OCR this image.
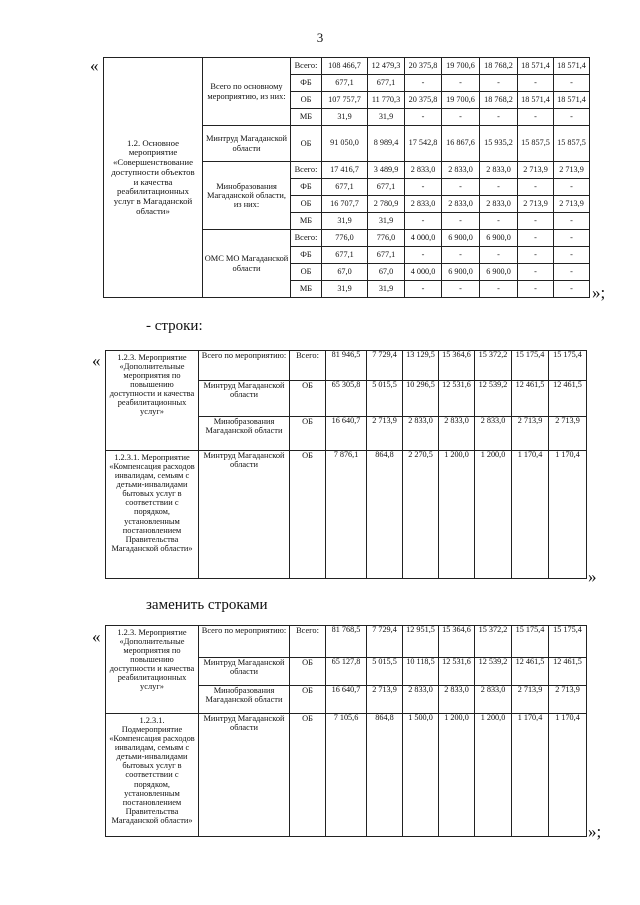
3
«
1.2. Основное мероприятие «Совершенствование доступности объектов и качества реабилитационных услуг в Магаданской области»	Всего по основному мероприятию, из них:	Всего:	108 466,7	12 479,3	20 375,8	19 700,6	18 768,2	18 571,4	18 571,4
		ФБ	677,1	677,1	-	-	-	-	-
		ОБ	107 757,7	11 770,3	20 375,8	19 700,6	18 768,2	18 571,4	18 571,4
		МБ	31,9	31,9	-	-	-	-	-
	Минтруд Магаданской области	ОБ	91 050,0	8 989,4	17 542,8	16 867,6	15 935,2	15 857,5	15 857,5
	Минобразования Магаданской области, из них:	Всего:	17 416,7	3 489,9	2 833,0	2 833,0	2 833,0	2 713,9	2 713,9
		ФБ	677,1	677,1	-	-	-	-	-
		ОБ	16 707,7	2 780,9	2 833,0	2 833,0	2 833,0	2 713,9	2 713,9
		МБ	31,9	31,9	-	-	-	-	-
	ОМС МО Магаданской области	Всего:	776,0	776,0	4 000,0	6 900,0	6 900,0	-	-
		ФБ	677,1	677,1	-	-	-	-	-
		ОБ	67,0	67,0	4 000,0	6 900,0	6 900,0	-	-
		МБ	31,9	31,9	-	-	-	-	- »;
- строки:
« 1.2.3. Мероприятие «Дополнительные мероприятия по повышению доступности и качества реабилитационных услуг»	Всего по мероприятию:	Всего:	81 946,5	7 729,4	13 129,5	15 364,6	15 372,2	15 175,4	15 175,4
	Минтруд Магаданской области	ОБ	65 305,8	5 015,5	10 296,5	12 531,6	12 539,2	12 461,5	12 461,5
	Минобразования Магаданской области	ОБ	16 640,7	2 713,9	2 833,0	2 833,0	2 833,0	2 713,9	2 713,9
1.2.3.1. Мероприятие «Компенсация расходов инвалидам, семьям с детьми-инвалидами бытовых услуг в соответствии с порядком, установленным постановлением Правительства Магаданской области»	Минтруд Магаданской области	ОБ	7 876,1	864,8	2 270,5	1 200,0	1 200,0	1 170,4	1 170,4
»
заменить строками
« 1.2.3. Мероприятие «Дополнительные мероприятия по повышению доступности и качества реабилитационных услуг»	Всего по мероприятию:	Всего:	81 768,5	7 729,4	12 951,5	15 364,6	15 372,2	15 175,4	15 175,4
	Минтруд Магаданской области	ОБ	65 127,8	5 015,5	10 118,5	12 531,6	12 539,2	12 461,5	12 461,5
	Минобразования Магаданской области	ОБ	16 640,7	2 713,9	2 833,0	2 833,0	2 833,0	2 713,9	2 713,9
1.2.3.1. Подмероприятие «Компенсация расходов инвалидам, семьям с детьми-инвалидами бытовых услуг в соответствии с порядком, установленным постановлением Правительства Магаданской области»	Минтруд Магаданской области	ОБ	7 105,6	864,8	1 500,0	1 200,0	1 200,0	1 170,4	1 170,4
»;
